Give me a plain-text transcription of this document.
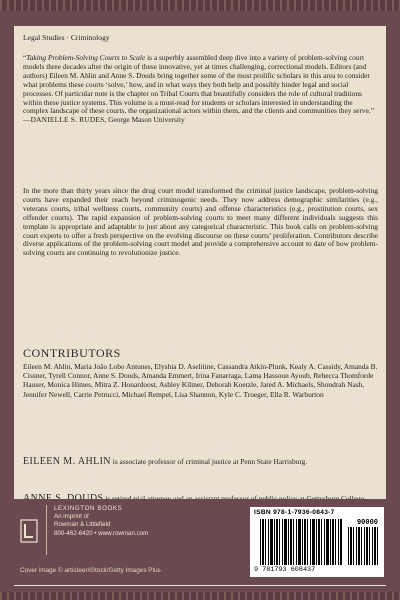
Legal Studies · Criminology
“Taking Problem-Solving Courts to Scale is a superbly assembled deep dive into a variety of problem-solving court models three decades after the origin of these innovative, yet at times challenging, correctional models. Editors (and authors) Eileen M. Ahlin and Anne S. Douds bring together some of the most prolific scholars in this area to consider what problems these courts ‘solve,’ how, and in what ways they both help and possibly hinder legal and social processes. Of particular note is the chapter on Tribal Courts that beautifully considers the role of cultural traditions within these justice systems. This volume is a must-read for students or scholars interested in understanding the complex landscape of these courts, the organizational actors within them, and the clients and communities they serve.” —DANIELLE S. RUDES, George Mason University
In the more than thirty years since the drug court model transformed the criminal justice landscape, problem-solving courts have expanded their reach beyond criminogenic needs. They now address demographic similarities (e.g., veterans courts, tribal wellness courts, community courts) and offense characteristics (e.g., prostitution courts, sex offender courts). The rapid expansion of problem-solving courts to meet many different individuals suggests this template is appropriate and adaptable to just about any categorical characteristic. This book calls on problem-solving court experts to offer a fresh perspective on the evolving discourse on these courts’ proliferation. Contributors describe diverse applications of the problem-solving court model and provide a comprehensive account to date of how problem-solving courts are continuing to revolutionize justice.
CONTRIBUTORS
Eileen M. Ahlin, Maria João Lobo Antunes, Elyshia D. Aselitine, Cassandra Atkin-Plunk, Kealy A. Cassidy, Amanda B. Cissner, Tyrell Connor, Anne S. Douds, Amanda Emmert, Irina Fanarraga, Lama Hassoun Ayoub, Rebecca Thomforde Hauser, Monica Himes, Mitra Z. Honardoost, Ashley Kilmer, Deborah Koetzle, Jared A. Michaels, Shondrah Nash, Jennifer Newell, Carrie Petrucci, Michael Rempel, Lisa Shannon, Kyle C. Troeger, Ella R. Warburton
EILEEN M. AHLIN is associate professor of criminal justice at Penn State Harrisburg.
LEXINGTON BOOKS
An imprint of
Rowman & Littlefield
800-462-6420 • www.rowman.com
Cover image © artisteer/iStock/Getty Images Plus
ISBN 978-1-7936-0843-7
90000
9 781793 608437
